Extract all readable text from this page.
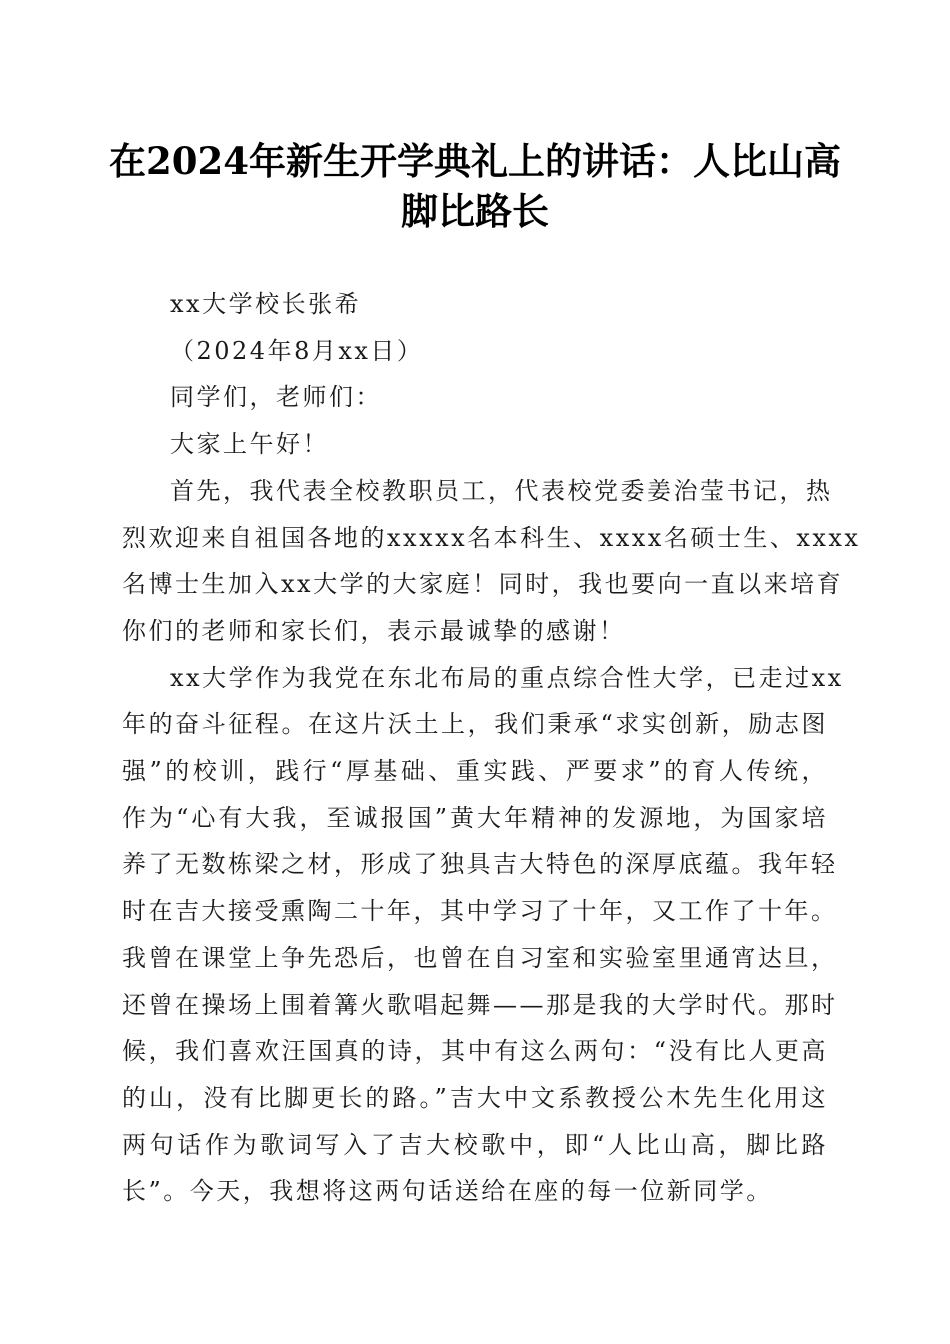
在2024年新生开学典礼上的讲话：人比山高
脚比路长
xx大学校长张希
（2024年8月xx日）
同学们，老师们：
大家上午好！

首先，我代表全校教职员工，代表校党委姜治莹书记，热
烈欢迎来自祖国各地的xxxxx名本科生、xxxx名硕士生、xxxx
名博士生加入xx大学的大家庭！同时，我也要向一直以来培育
你们的老师和家长们，表示最诚挚的感谢！

xx大学作为我党在东北布局的重点综合性大学，已走过xx
年的奋斗征程。在这片沃土上，我们秉承“求实创新，励志图
强”的校训，践行“厚基础、重实践、严要求”的育人传统，
作为“心有大我，至诚报国”黄大年精神的发源地，为国家培
养了无数栋梁之材，形成了独具吉大特色的深厚底蕴。我年轻
时在吉大接受熏陶二十年，其中学习了十年，又工作了十年。
我曾在课堂上争先恐后，也曾在自习室和实验室里通宵达旦，
还曾在操场上围着篝火歌唱起舞——那是我的大学时代。那时
候，我们喜欢汪国真的诗，其中有这么两句：“没有比人更高
的山，没有比脚更长的路。”吉大中文系教授公木先生化用这
两句话作为歌词写入了吉大校歌中，即“人比山高，脚比路
长”。今天，我想将这两句话送给在座的每一位新同学。
